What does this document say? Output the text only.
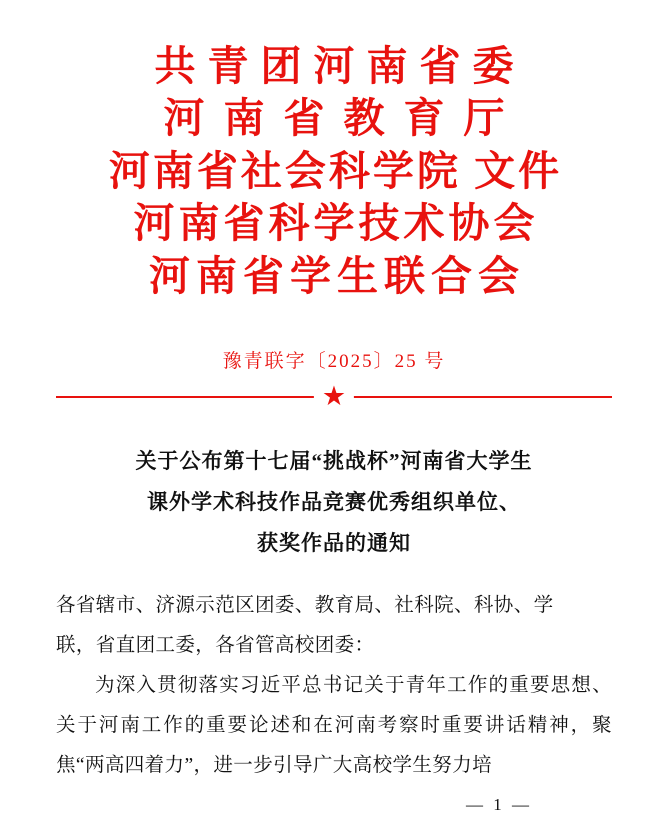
共青团河南省委
河南省教育厅
河南省社会科学院 文件
河南省科学技术协会
河南省学生联合会
豫青联字〔2025〕25 号
★
关于公布第十七届“挑战杯”河南省大学生
课外学术科技作品竞赛优秀组织单位、
获奖作品的通知

各省辖市、济源示范区团委、教育局、社科院、科协、学

联，省直团工委，各省管高校团委：

为深入贯彻落实习近平总书记关于青年工作的重要思想、关于河南工作的重要论述和在河南考察时重要讲话精神，聚焦“两高四着力”，进一步引导广大高校学生努力培

— 1 —
